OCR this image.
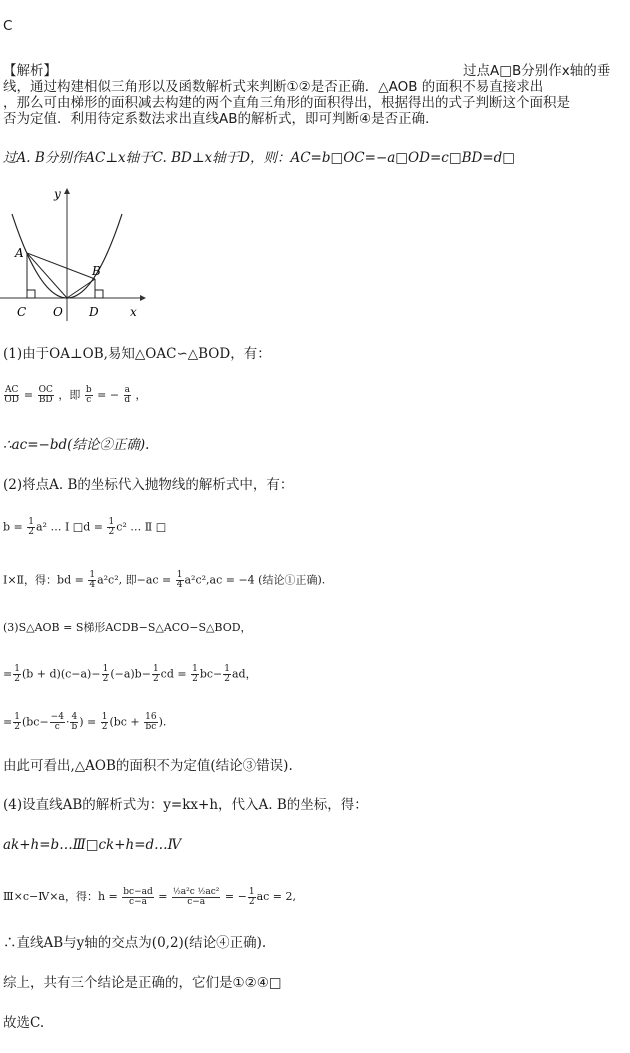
C
【解析】	过点A□B分别作x轴的垂
线，通过构建相似三角形以及函数解析式来判断①②是否正确．△AOB 的面积不易直接求出
，那么可由梯形的面积减去构建的两个直角三角形的面积得出，根据得出的式子判断这个面积是
否为定值．利用待定系数法求出直线AB的解析式，即可判断④是否正确．
过A. B分别作AC⊥x轴于C. BD⊥x轴于D，则：AC=b□OC=−a□OD=c□BD=d□
y
x
A
B
C O D
(1)由于OA⊥OB,易知△OAC∽△BOD，有：
$\frac{AC}{OD} = \frac{OC}{BD}$ ，即 $\frac{b}{c}$ = − $\frac{a}{d}$ ，
∴ac=−bd(结论②正确).
(2)将点A. B的坐标代入抛物线的解析式中，有：
$b = \frac{1}{2} a^2$ … Ⅰ □d = $\frac{1}{2} c^2$ … Ⅱ □
Ⅰ×Ⅱ，得：bd = $\frac{1}{4} a^2c^2$, 即$-ac = \frac{1}{4} a^2c^2,ac = -4$ (结论①正确).
(3)S△AOB = S梯形ACDB−S△ACO−S△BOD，
= $\frac{1}{2} (b + d)(c-a)- \frac{1}{2} (-a)b- \frac{1}{2}$ cd = $\frac{1}{2} bc- \frac{1}{2}$ ad，
= $\frac{1}{2} (bc- \frac{-4}{c} \cdot \frac{4}{b}$ ) = $\frac{1}{2} (bc + \frac{16}{bc}$ ).
由此可看出,△AOB的面积不为定值(结论③错误).
(4)设直线AB的解析式为：y=kx+h，代入A. B的坐标，得：
ak+h=b…Ⅲ□ck+h=d…Ⅳ
Ⅲ×c−Ⅳ×a，得：$h = \frac{bc-ad}{c-a} = \frac{\text{½a²c ½ac²}}{c-a}$ = − $\frac{1}{2}$ ac = 2,
∴直线AB与y轴的交点为(0,2)(结论④正确).
综上，共有三个结论是正确的，它们是①②④□
故选C.
